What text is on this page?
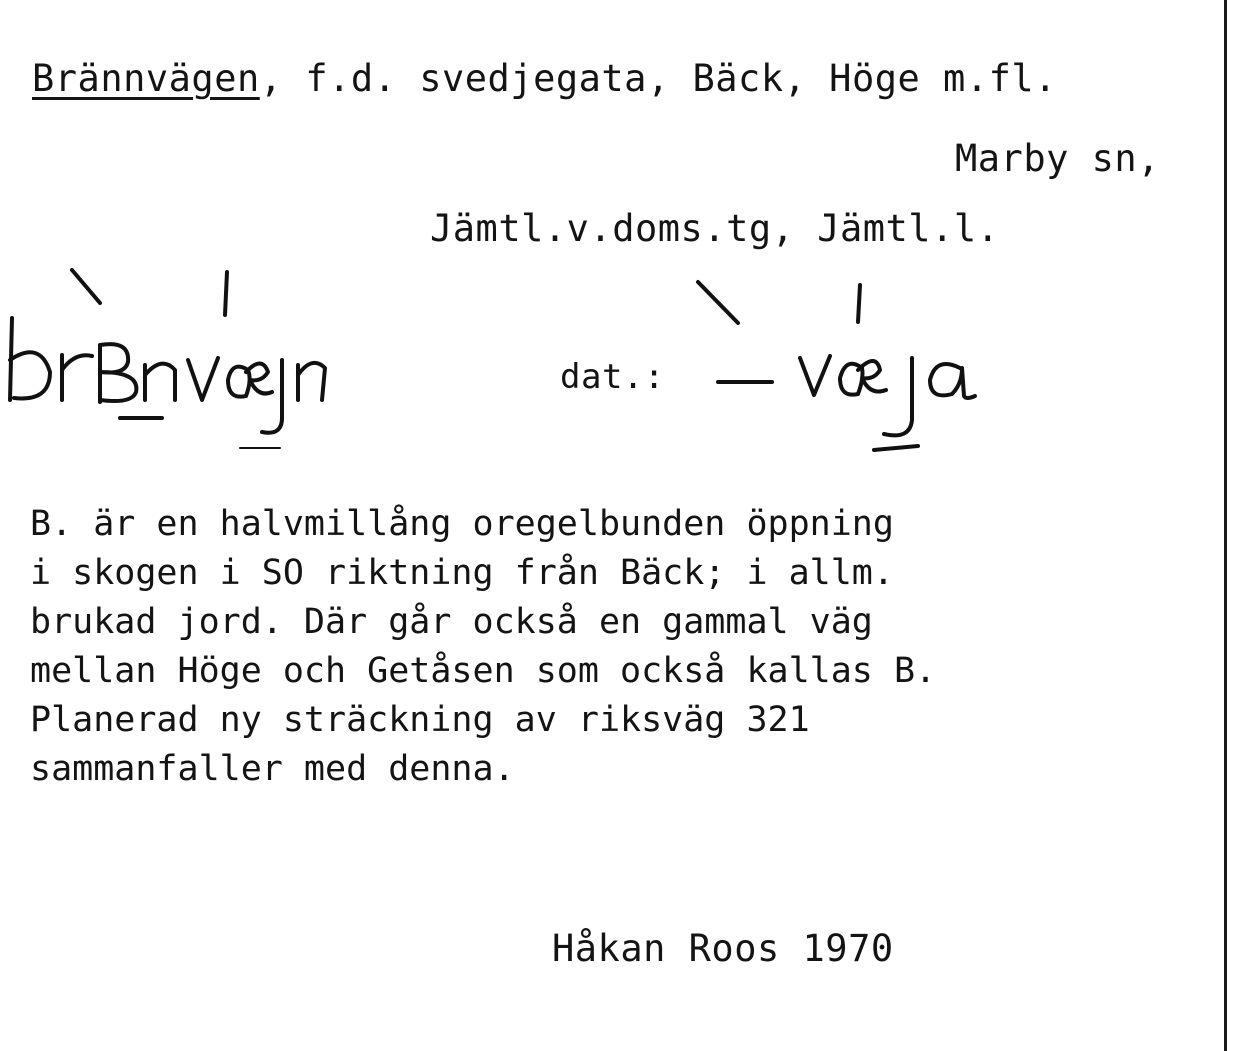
Brännvägen, f.d. svedjegata, Bäck, Höge m.fl.
Marby sn,
Jämtl.v.doms.tg, Jämtl.l.
dat.:
B. är en halvmillång oregelbunden öppning
i skogen i SO riktning från Bäck; i allm.
brukad jord. Där går också en gammal väg
mellan Höge och Getåsen som också kallas B.
Planerad ny sträckning av riksväg 321
sammanfaller med denna.
Håkan Roos 1970
